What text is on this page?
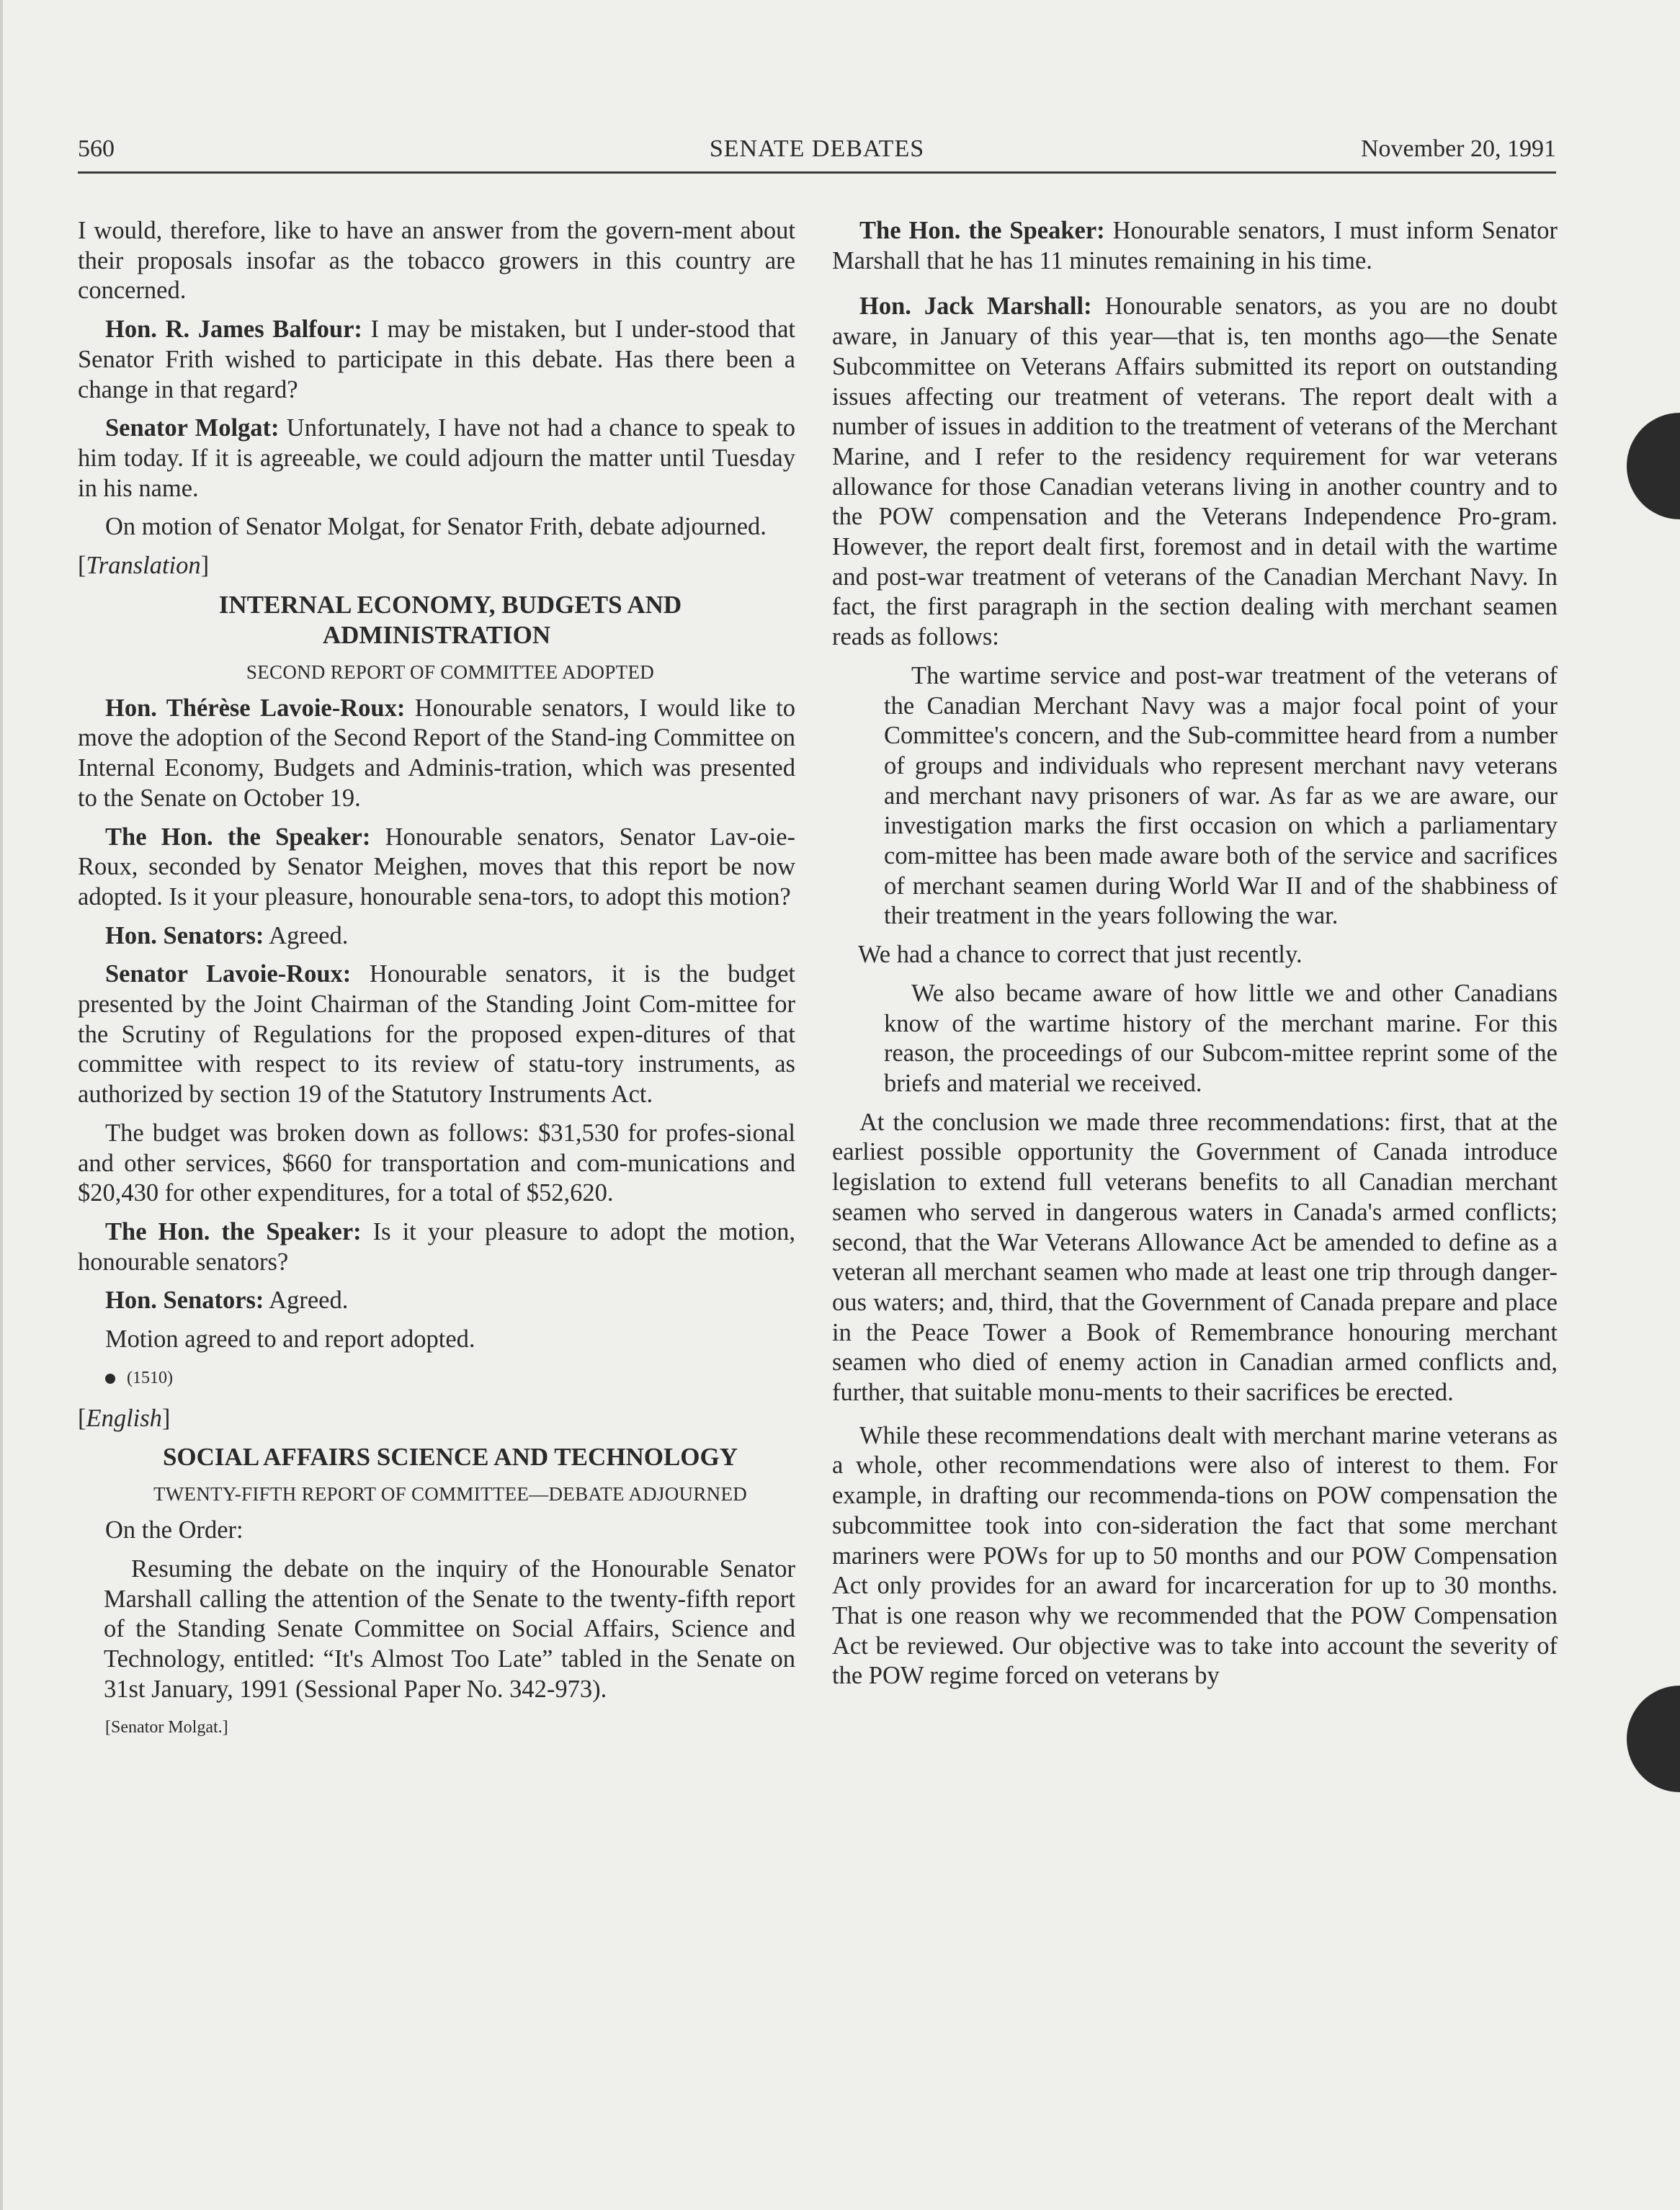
560	SENATE DEBATES	November 20, 1991

I would, therefore, like to have an answer from the govern-ment about their proposals insofar as the tobacco growers in this country are concerned.

Hon. R. James Balfour: I may be mistaken, but I under-stood that Senator Frith wished to participate in this debate. Has there been a change in that regard?

Senator Molgat: Unfortunately, I have not had a chance to speak to him today. If it is agreeable, we could adjourn the matter until Tuesday in his name.

On motion of Senator Molgat, for Senator Frith, debate adjourned.

[Translation]

INTERNAL ECONOMY, BUDGETS AND
ADMINISTRATION

SECOND REPORT OF COMMITTEE ADOPTED

Hon. Thérèse Lavoie-Roux: Honourable senators, I would like to move the adoption of the Second Report of the Stand-ing Committee on Internal Economy, Budgets and Adminis-tration, which was presented to the Senate on October 19.

The Hon. the Speaker: Honourable senators, Senator Lav-oie-Roux, seconded by Senator Meighen, moves that this report be now adopted. Is it your pleasure, honourable sena-tors, to adopt this motion?

Hon. Senators: Agreed.

Senator Lavoie-Roux: Honourable senators, it is the budget presented by the Joint Chairman of the Standing Joint Com-mittee for the Scrutiny of Regulations for the proposed expen-ditures of that committee with respect to its review of statu-tory instruments, as authorized by section 19 of the Statutory Instruments Act.

The budget was broken down as follows: $31,530 for profes-sional and other services, $660 for transportation and com-munications and $20,430 for other expenditures, for a total of $52,620.

The Hon. the Speaker: Is it your pleasure to adopt the motion, honourable senators?

Hon. Senators: Agreed.

Motion agreed to and report adopted.

(1510)

[English]

SOCIAL AFFAIRS SCIENCE AND TECHNOLOGY

TWENTY-FIFTH REPORT OF COMMITTEE—DEBATE ADJOURNED

On the Order:

Resuming the debate on the inquiry of the Honourable Senator Marshall calling the attention of the Senate to the twenty-fifth report of the Standing Senate Committee on Social Affairs, Science and Technology, entitled: “It's Almost Too Late” tabled in the Senate on 31st January, 1991 (Sessional Paper No. 342-973).

[Senator Molgat.]

The Hon. the Speaker: Honourable senators, I must inform Senator Marshall that he has 11 minutes remaining in his time.

Hon. Jack Marshall: Honourable senators, as you are no doubt aware, in January of this year—that is, ten months ago—the Senate Subcommittee on Veterans Affairs submitted its report on outstanding issues affecting our treatment of veterans. The report dealt with a number of issues in addition to the treatment of veterans of the Merchant Marine, and I refer to the residency requirement for war veterans allowance for those Canadian veterans living in another country and to the POW compensation and the Veterans Independence Pro-gram. However, the report dealt first, foremost and in detail with the wartime and post-war treatment of veterans of the Canadian Merchant Navy. In fact, the first paragraph in the section dealing with merchant seamen reads as follows:

The wartime service and post-war treatment of the veterans of the Canadian Merchant Navy was a major focal point of your Committee's concern, and the Sub-committee heard from a number of groups and individuals who represent merchant navy veterans and merchant navy prisoners of war. As far as we are aware, our investigation marks the first occasion on which a parliamentary com-mittee has been made aware both of the service and sacrifices of merchant seamen during World War II and of the shabbiness of their treatment in the years following the war.

We had a chance to correct that just recently.

We also became aware of how little we and other Canadians know of the wartime history of the merchant marine. For this reason, the proceedings of our Subcom-mittee reprint some of the briefs and material we received.

At the conclusion we made three recommendations: first, that at the earliest possible opportunity the Government of Canada introduce legislation to extend full veterans benefits to all Canadian merchant seamen who served in dangerous waters in Canada's armed conflicts; second, that the War Veterans Allowance Act be amended to define as a veteran all merchant seamen who made at least one trip through danger-ous waters; and, third, that the Government of Canada prepare and place in the Peace Tower a Book of Remembrance honouring merchant seamen who died of enemy action in Canadian armed conflicts and, further, that suitable monu-ments to their sacrifices be erected.

While these recommendations dealt with merchant marine veterans as a whole, other recommendations were also of interest to them. For example, in drafting our recommenda-tions on POW compensation the subcommittee took into con-sideration the fact that some merchant mariners were POWs for up to 50 months and our POW Compensation Act only provides for an award for incarceration for up to 30 months. That is one reason why we recommended that the POW Compensation Act be reviewed. Our objective was to take into account the severity of the POW regime forced on veterans by
